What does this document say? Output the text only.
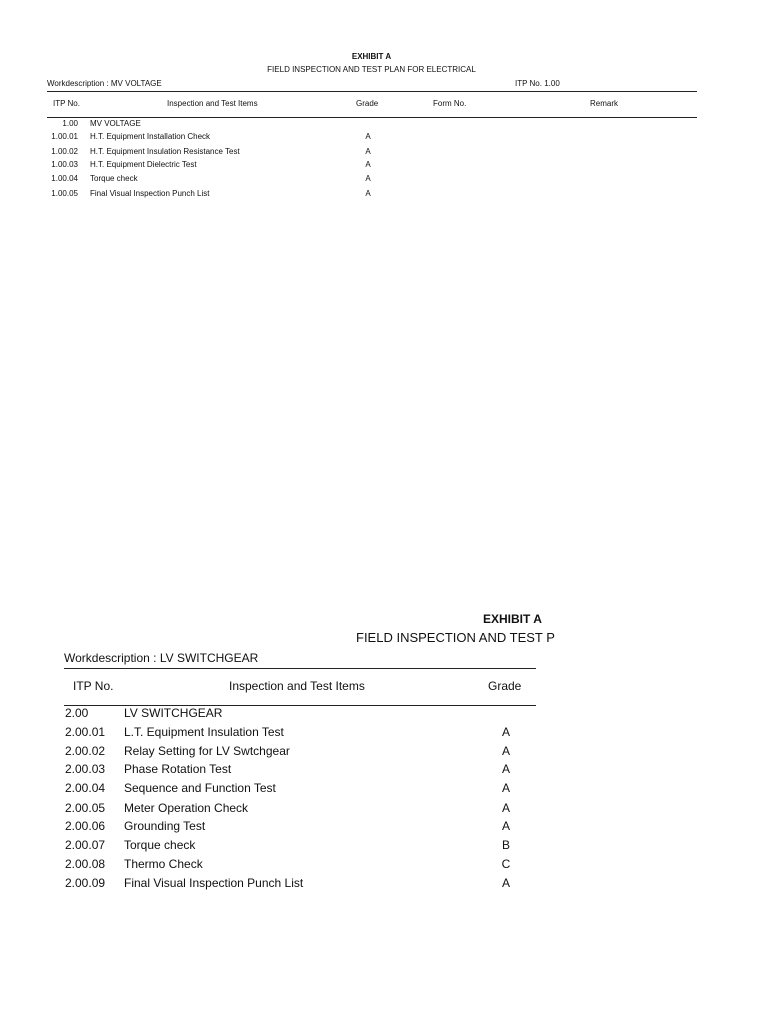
EXHIBIT A
FIELD INSPECTION AND TEST PLAN FOR ELECTRICAL
Workdescription : MV VOLTAGE	ITP No. 1.00
ITP No.	Inspection and Test Items	Grade	Form No.	Remark
1.00 MV VOLTAGE
1.00.01 H.T. Equipment Installation Check	A
1.00.02 H.T. Equipment Insulation Resistance Test	A
1.00.03 H.T. Equipment Dielectric Test	A
1.00.04 Torque check	A
1.00.05 Final Visual Inspection Punch List	A
EXHIBIT A
FIELD INSPECTION AND TEST P
Workdescription : LV SWITCHGEAR
ITP No.	Inspection and Test Items	Grade
2.00	LV SWITCHGEAR
2.00.01 L.T. Equipment Insulation Test	A
2.00.02 Relay Setting for LV Swtchgear	A
2.00.03 Phase Rotation Test	A
2.00.04 Sequence and Function Test	A
2.00.05 Meter Operation Check	A
2.00.06 Grounding Test	A
2.00.07 Torque check	B
2.00.08 Thermo Check	C
2.00.09 Final Visual Inspection Punch List	A
